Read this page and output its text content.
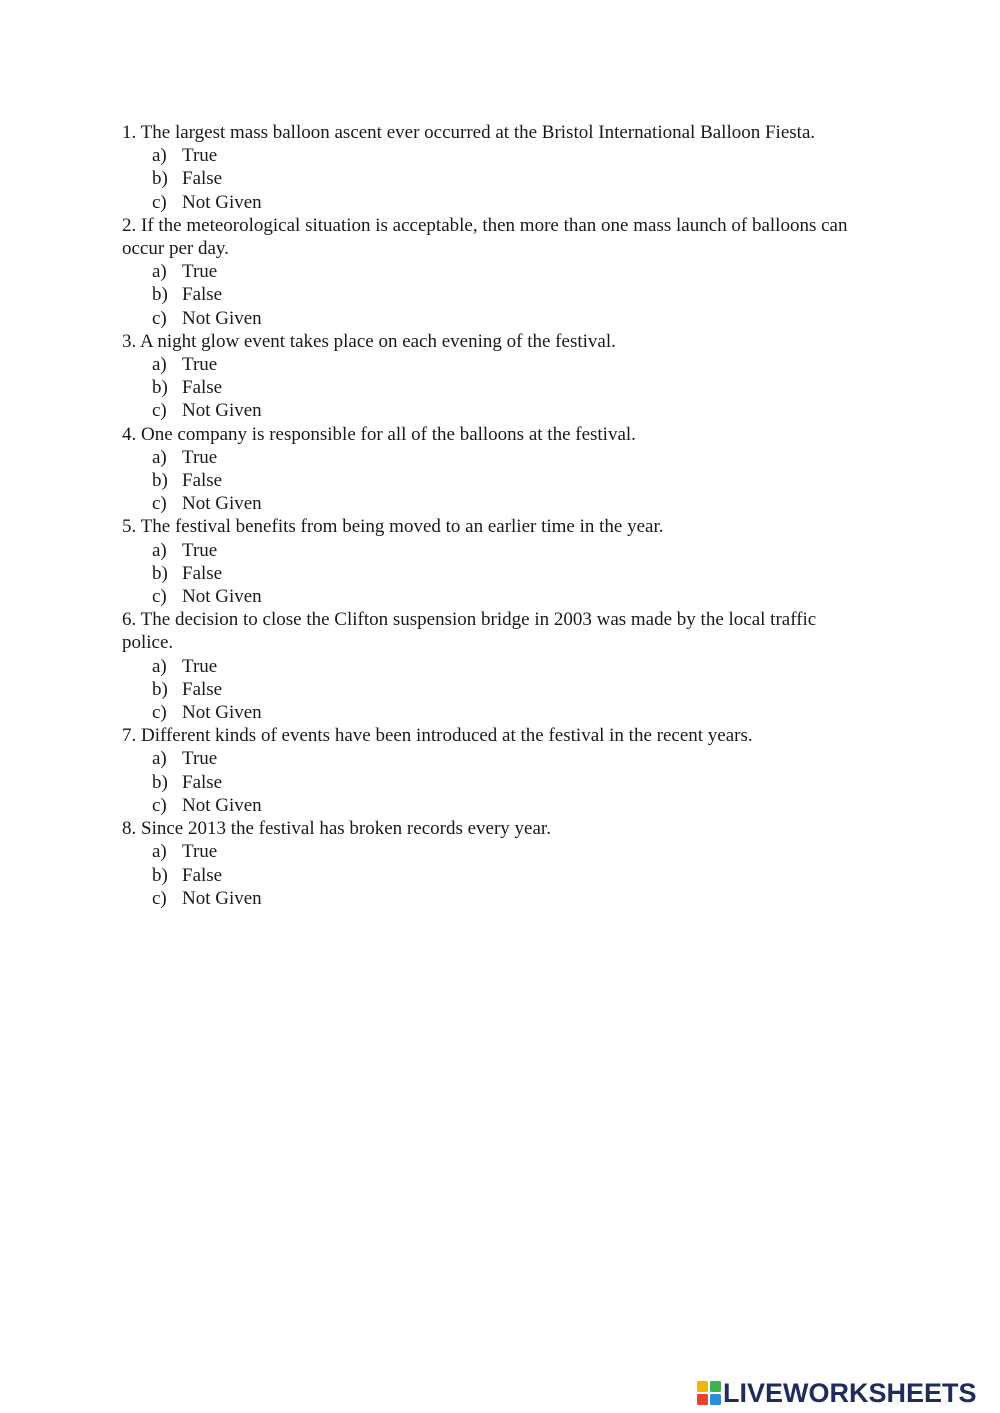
1. The largest mass balloon ascent ever occurred at the Bristol International Balloon Fiesta.

a) True
b) False
c) Not Given

2. If the meteorological situation is acceptable, then more than one mass launch of balloons can occur per day.

a) True
b) False
c) Not Given

3. A night glow event takes place on each evening of the festival.

a) True
b) False
c) Not Given

4. One company is responsible for all of the balloons at the festival.

a) True
b) False
c) Not Given

5. The festival benefits from being moved to an earlier time in the year.

a) True
b) False
c) Not Given

6. The decision to close the Clifton suspension bridge in 2003 was made by the local traffic police.

a) True
b) False
c) Not Given

7. Different kinds of events have been introduced at the festival in the recent years.

a) True
b) False
c) Not Given

8. Since 2013 the festival has broken records every year.

a) True
b) False
c) Not Given
LIVEWORKSHEETS
